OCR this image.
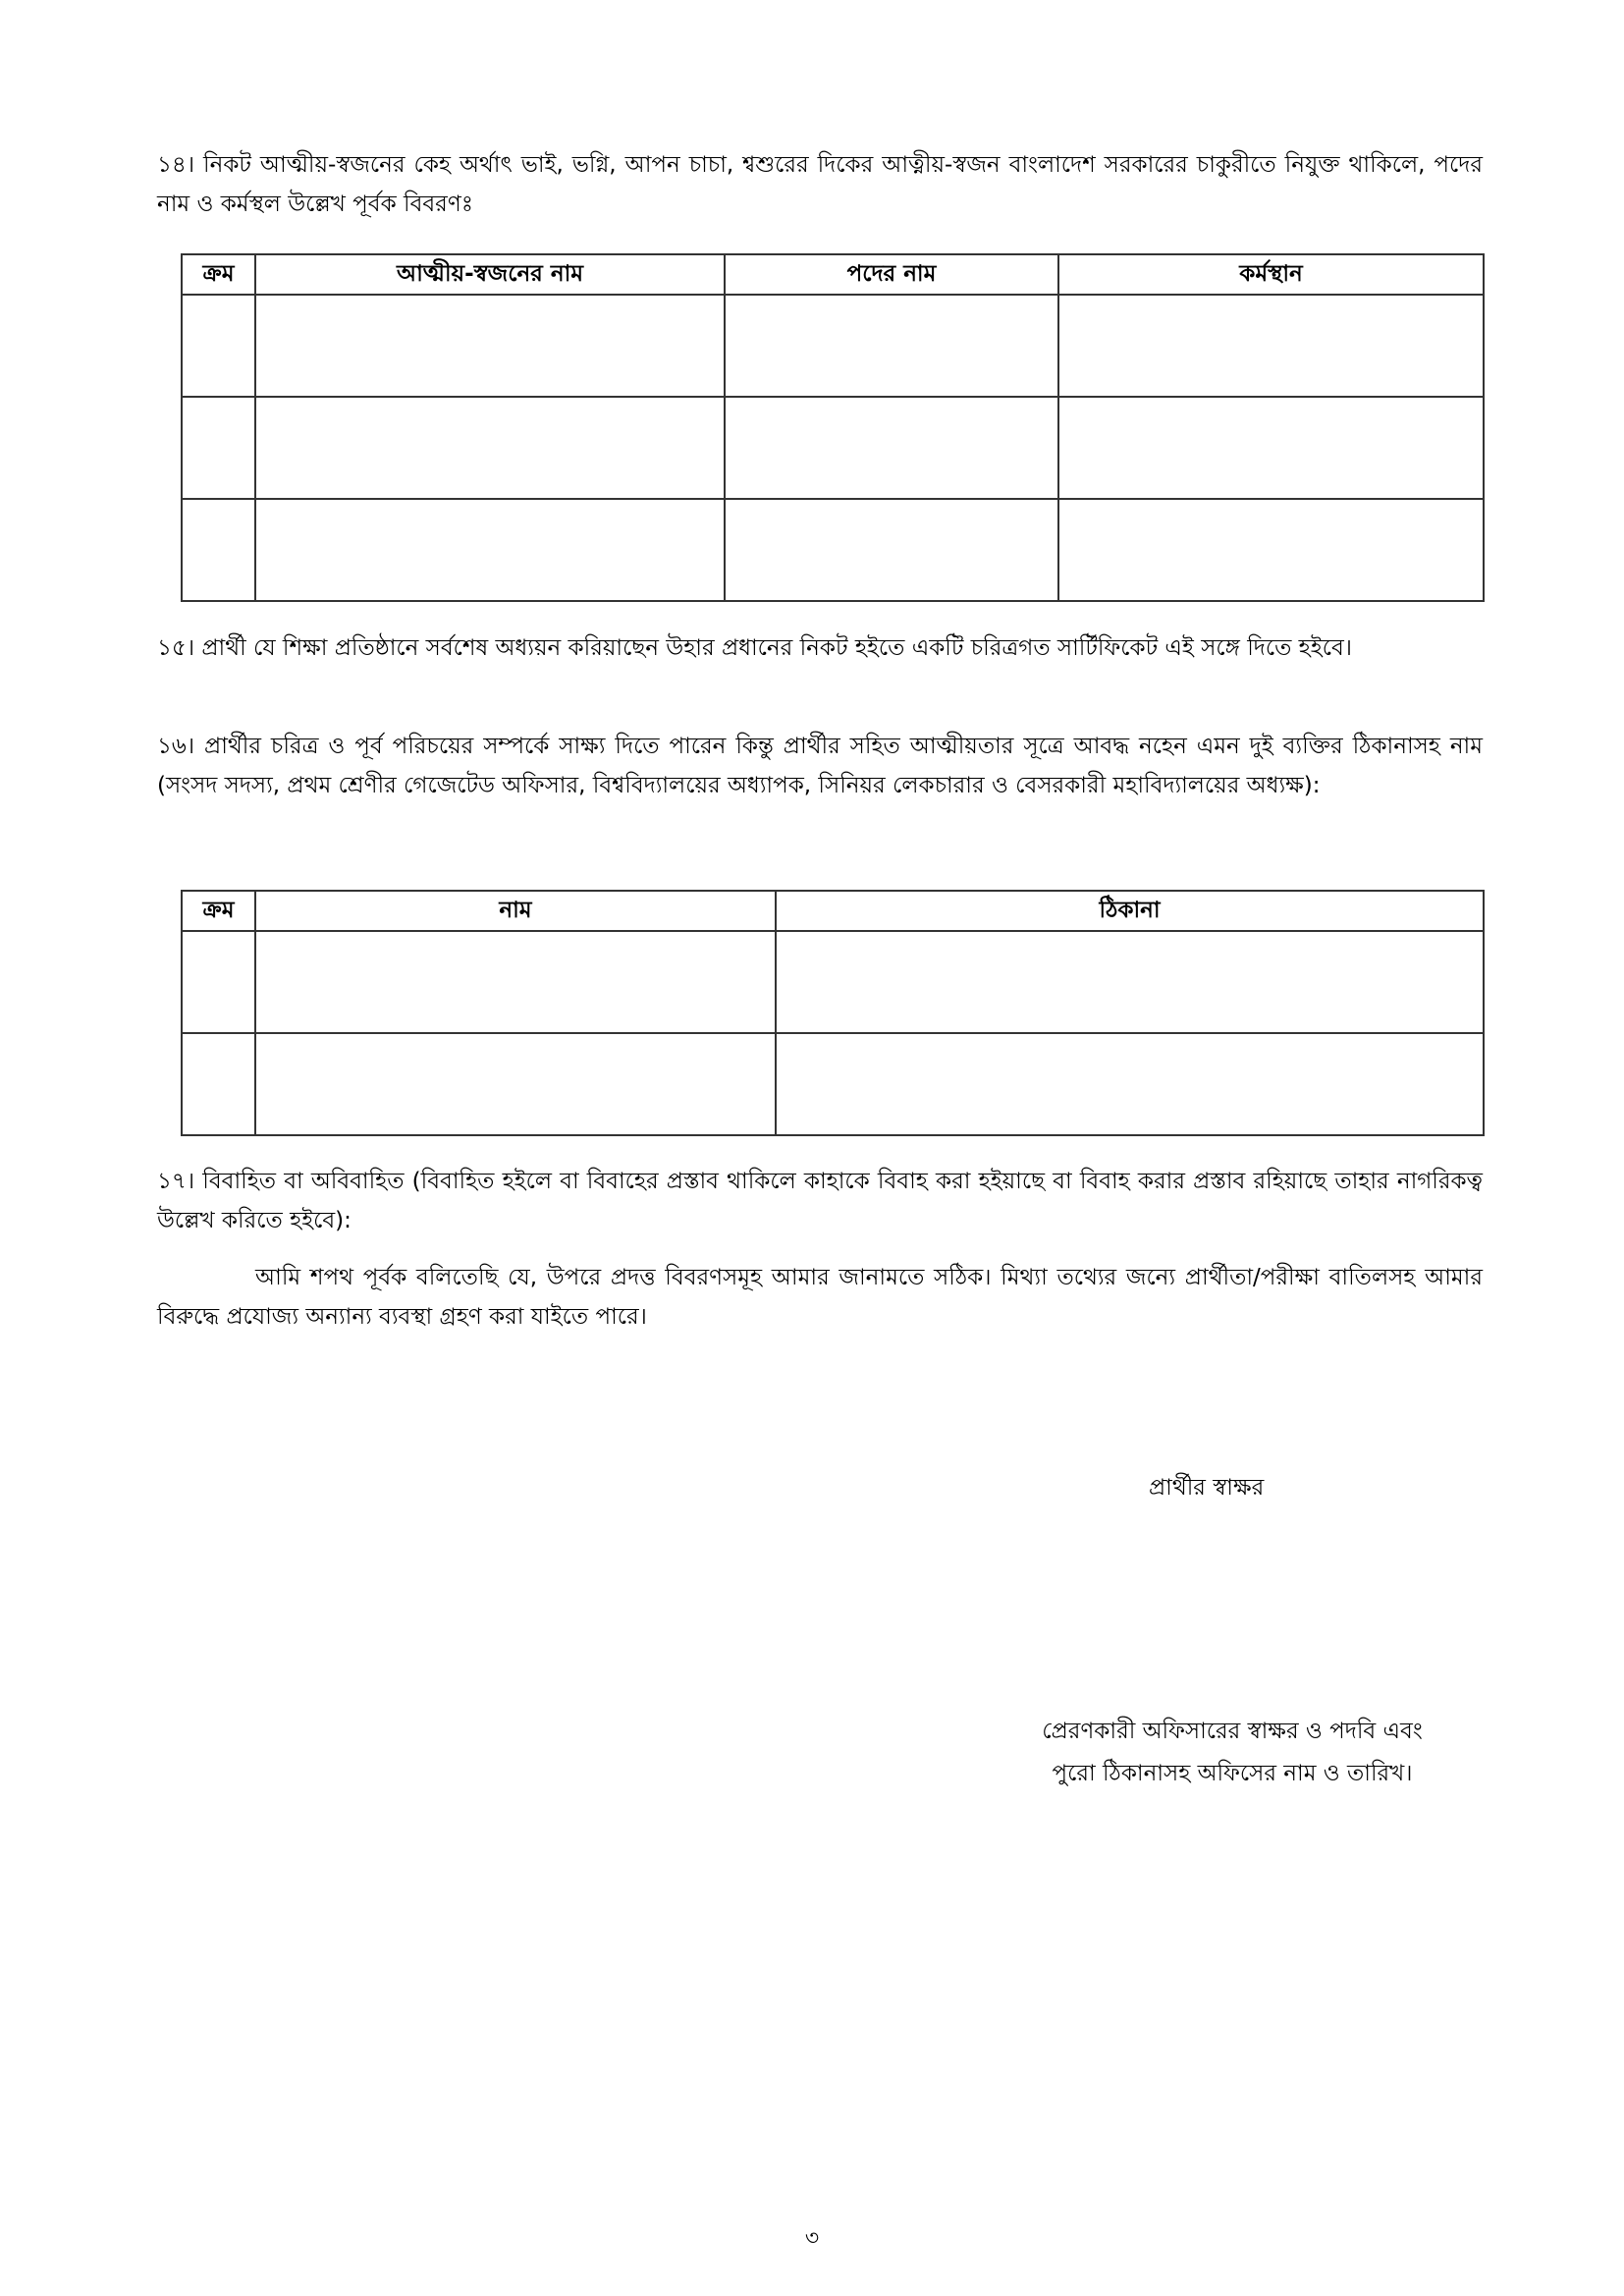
১৪। নিকট আত্মীয়-স্বজনের কেহ অর্থাৎ ভাই, ভগ্নি, আপন চাচা, শ্বশুরের দিকের আত্নীয়-স্বজন বাংলাদেশ সরকারের চাকুরীতে নিযুক্ত থাকিলে, পদের নাম ও কর্মস্থল উল্লেখ পূর্বক বিবরণঃ

ক্রম	আত্মীয়-স্বজনের নাম	পদের নাম	কর্মস্থান

১৫। প্রার্থী যে শিক্ষা প্রতিষ্ঠানে সর্বশেষ অধ্যয়ন করিয়াছেন উহার প্রধানের নিকট হইতে একটি চরিত্রগত সার্টিফিকেট এই সঙ্গে দিতে হইবে।

১৬। প্রার্থীর চরিত্র ও পূর্ব পরিচয়ের সম্পর্কে সাক্ষ্য দিতে পারেন কিন্তু প্রার্থীর সহিত আত্মীয়তার সূত্রে আবদ্ধ নহেন এমন দুই ব্যক্তির ঠিকানাসহ নাম (সংসদ সদস্য, প্রথম শ্রেণীর গেজেটেড অফিসার, বিশ্ববিদ্যালয়ের অধ্যাপক, সিনিয়র লেকচারার ও বেসরকারী মহাবিদ্যালয়ের অধ্যক্ষ):

ক্রম	নাম	ঠিকানা

১৭। বিবাহিত বা অবিবাহিত (বিবাহিত হইলে বা বিবাহের প্রস্তাব থাকিলে কাহাকে বিবাহ করা হইয়াছে বা বিবাহ করার প্রস্তাব রহিয়াছে তাহার নাগরিকত্ব উল্লেখ করিতে হইবে):

আমি শপথ পূর্বক বলিতেছি যে, উপরে প্রদত্ত বিবরণসমূহ আমার জানামতে সঠিক। মিথ্যা তথ্যের জন্যে প্রার্থীতা/পরীক্ষা বাতিলসহ আমার বিরুদ্ধে প্রযোজ্য অন্যান্য ব্যবস্থা গ্রহণ করা যাইতে পারে।

প্রার্থীর স্বাক্ষর
প্রেরণকারী অফিসারের স্বাক্ষর ও পদবি এবং
পুরো ঠিকানাসহ অফিসের নাম ও তারিখ।
৩
